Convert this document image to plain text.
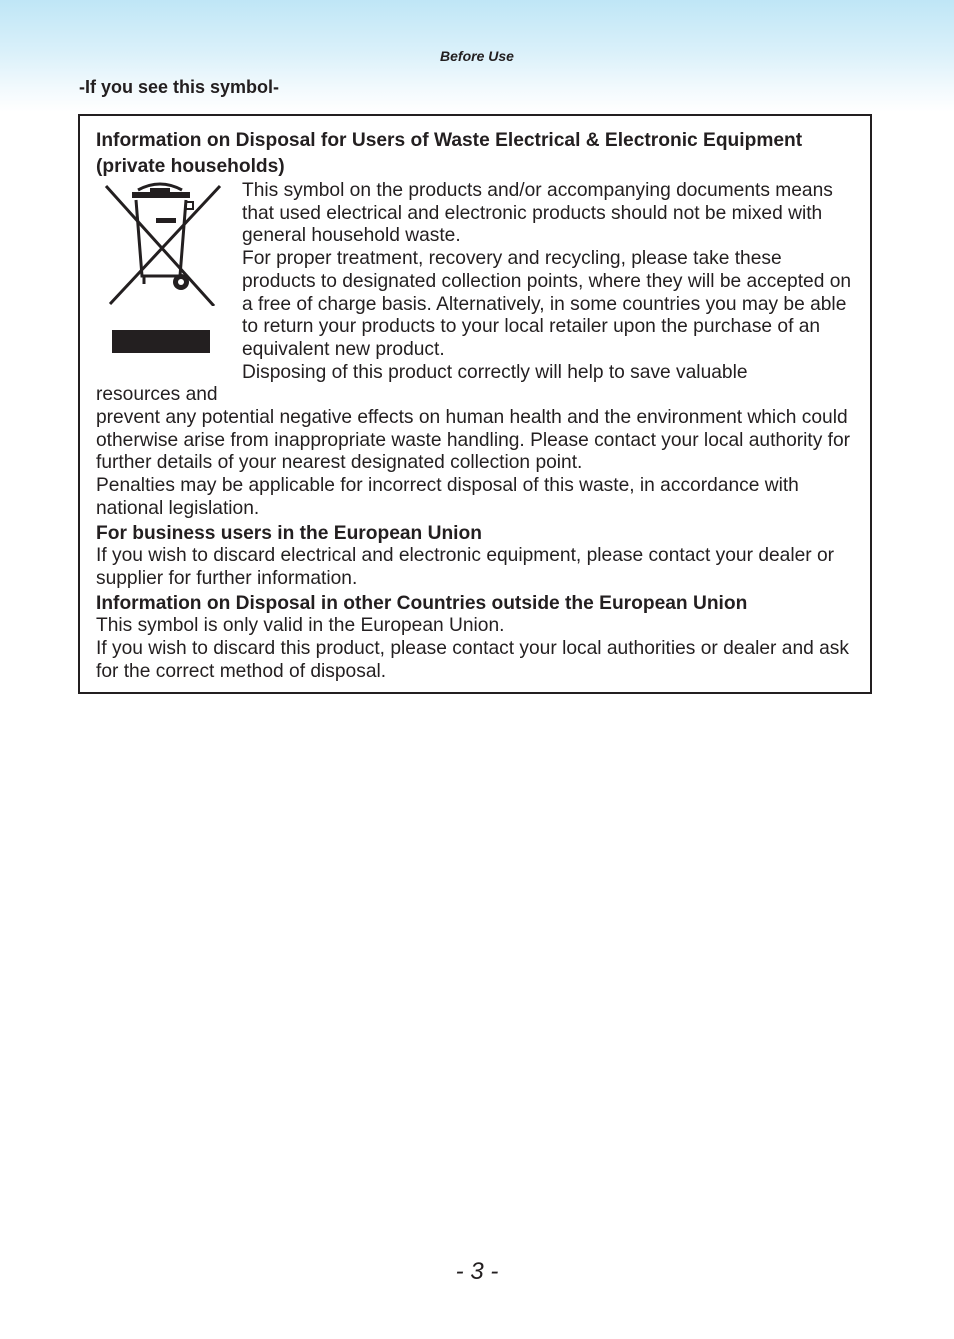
Before Use
-If you see this symbol-

Information on Disposal for Users of Waste Electrical & Electronic Equipment
(private households)

This symbol on the products and/or accompanying documents means that used electrical and electronic products should not be mixed with general household waste.

For proper treatment, recovery and recycling, please take these products to designated collection points, where they will be accepted on a free of charge basis. Alternatively, in some countries you may be able to return your products to your local retailer upon the purchase of an equivalent new product.

Disposing of this product correctly will help to save valuable

resources and

prevent any potential negative effects on human health and the environment which could otherwise arise from inappropriate waste handling. Please contact your local authority for further details of your nearest designated collection point.

Penalties may be applicable for incorrect disposal of this waste, in accordance with national legislation.

For business users in the European Union

If you wish to discard electrical and electronic equipment, please contact your dealer or supplier for further information.

Information on Disposal in other Countries outside the European Union

This symbol is only valid in the European Union.

If you wish to discard this product, please contact your local authorities or dealer and ask for the correct method of disposal.

- 3 -
